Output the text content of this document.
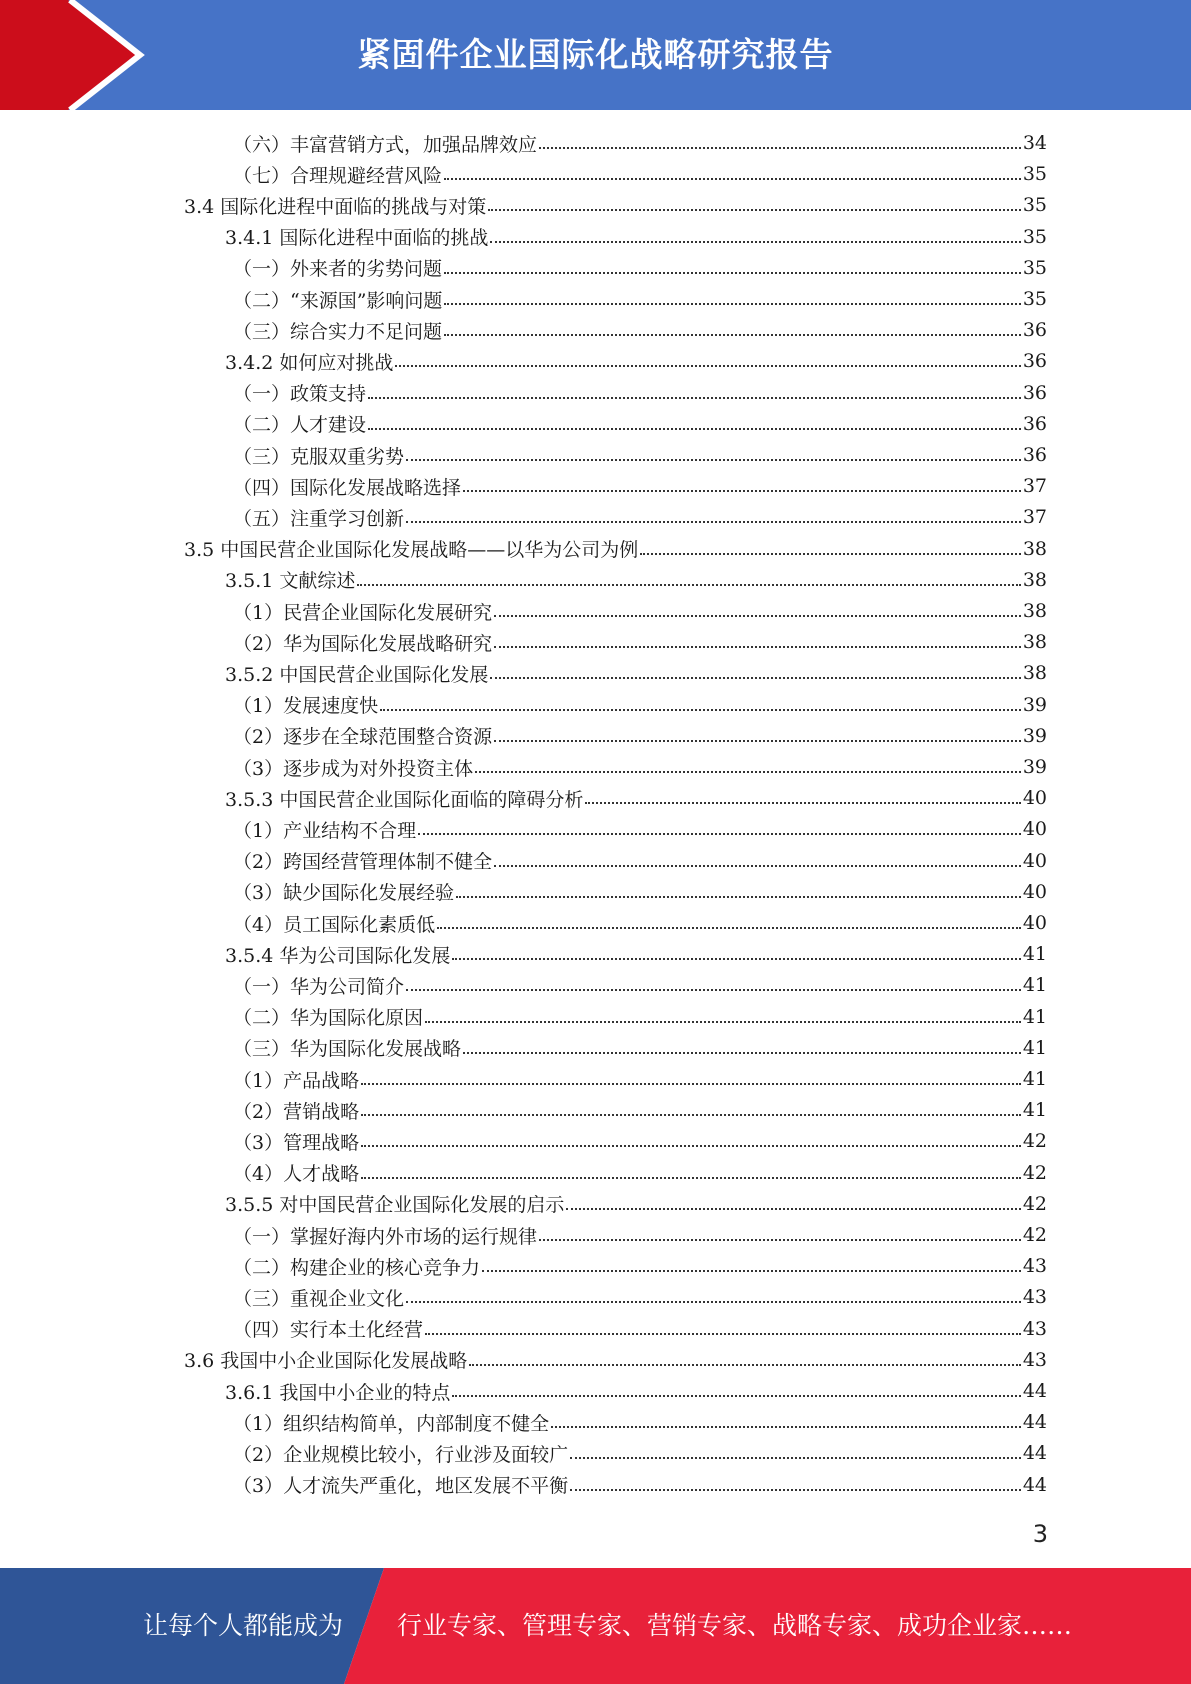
紧固件企业国际化战略研究报告
（六）丰富营销方式，加强品牌效应	34
（七）合理规避经营风险	35
3.4 国际化进程中面临的挑战与对策	35
3.4.1 国际化进程中面临的挑战	35
（一）外来者的劣势问题	35
（二）“来源国”影响问题	35
（三）综合实力不足问题	36
3.4.2 如何应对挑战	36
（一）政策支持	36
（二）人才建设	36
（三）克服双重劣势	36
（四）国际化发展战略选择	37
（五）注重学习创新	37
3.5 中国民营企业国际化发展战略——以华为公司为例	38
3.5.1 文献综述	38
（1）民营企业国际化发展研究	38
（2）华为国际化发展战略研究	38
3.5.2 中国民营企业国际化发展	38
（1）发展速度快	39
（2）逐步在全球范围整合资源	39
（3）逐步成为对外投资主体	39
3.5.3 中国民营企业国际化面临的障碍分析	40
（1）产业结构不合理	40
（2）跨国经营管理体制不健全	40
（3）缺少国际化发展经验	40
（4）员工国际化素质低	40
3.5.4 华为公司国际化发展	41
（一）华为公司简介	41
（二）华为国际化原因	41
（三）华为国际化发展战略	41
（1）产品战略	41
（2）营销战略	41
（3）管理战略	42
（4）人才战略	42
3.5.5 对中国民营企业国际化发展的启示	42
（一）掌握好海内外市场的运行规律	42
（二）构建企业的核心竞争力	43
（三）重视企业文化	43
（四）实行本土化经营	43
3.6 我国中小企业国际化发展战略	43
3.6.1 我国中小企业的特点	44
（1）组织结构简单，内部制度不健全	44
（2）企业规模比较小，行业涉及面较广	44
（3）人才流失严重化，地区发展不平衡	44
3
让每个人都能成为 行业专家、管理专家、营销专家、战略专家、成功企业家……
